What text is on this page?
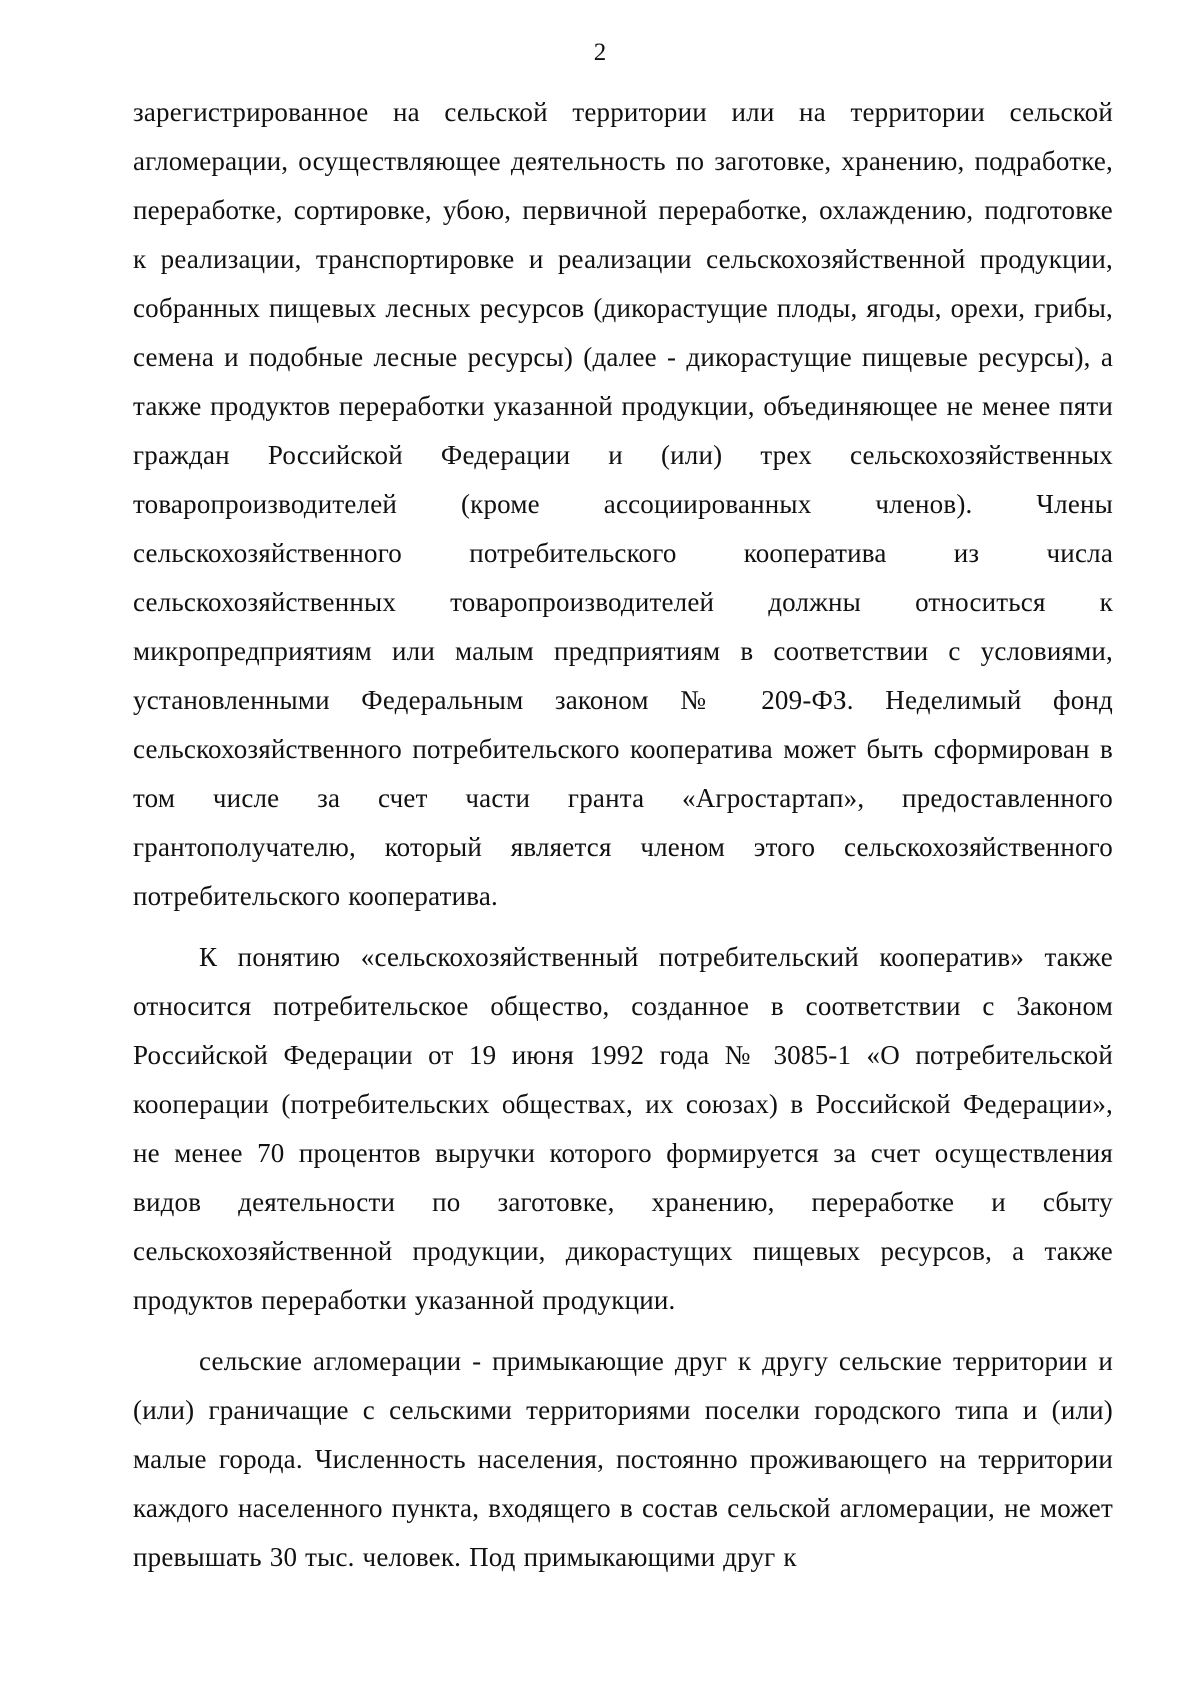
2

зарегистрированное на сельской территории или на территории сельской агломерации, осуществляющее деятельность по заготовке, хранению, подработке, переработке, сортировке, убою, первичной переработке, охлаждению, подготовке к реализации, транспортировке и реализации сельскохозяйственной продукции, собранных пищевых лесных ресурсов (дикорастущие плоды, ягоды, орехи, грибы, семена и подобные лесные ресурсы) (далее - дикорастущие пищевые ресурсы), а также продуктов переработки указанной продукции, объединяющее не менее пяти граждан Российской Федерации и (или) трех сельскохозяйственных товаропроизводителей (кроме ассоциированных членов). Члены сельскохозяйственного потребительского кооператива из числа сельскохозяйственных товаропроизводителей должны относиться к микропредприятиям или малым предприятиям в соответствии с условиями, установленными Федеральным законом № 209-ФЗ. Неделимый фонд сельскохозяйственного потребительского кооператива может быть сформирован в том числе за счет части гранта «Агростартап», предоставленного грантополучателю, который является членом этого сельскохозяйственного потребительского кооператива.

К понятию «сельскохозяйственный потребительский кооператив» также относится потребительское общество, созданное в соответствии с Законом Российской Федерации от 19 июня 1992 года № 3085-1 «О потребительской кооперации (потребительских обществах, их союзах) в Российской Федерации», не менее 70 процентов выручки которого формируется за счет осуществления видов деятельности по заготовке, хранению, переработке и сбыту сельскохозяйственной продукции, дикорастущих пищевых ресурсов, а также продуктов переработки указанной продукции.

сельские агломерации - примыкающие друг к другу сельские территории и (или) граничащие с сельскими территориями поселки городского типа и (или) малые города. Численность населения, постоянно проживающего на территории каждого населенного пункта, входящего в состав сельской агломерации, не может превышать 30 тыс. человек. Под примыкающими друг к
